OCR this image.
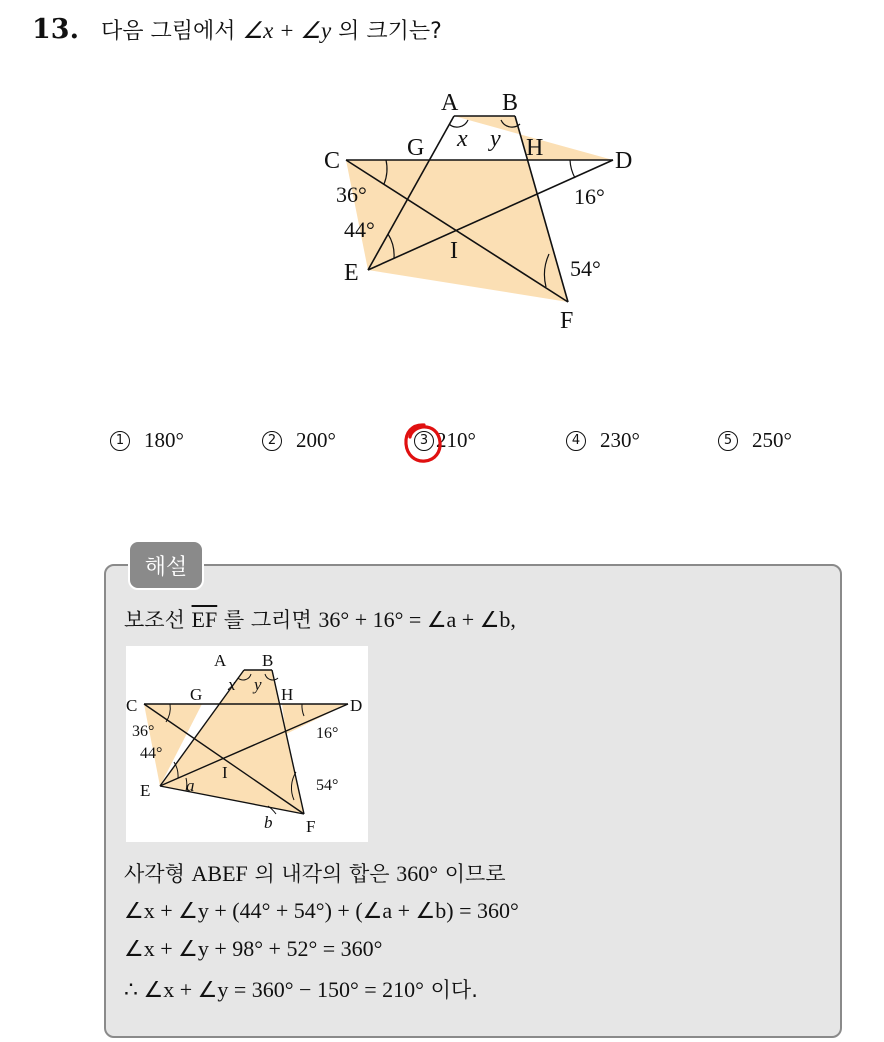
13. 다음 그림에서 ∠x + ∠y 의 크기는?
A B
C	D
E
F
G	H
I
x y
36°
44°
16°
54°
1 180°	2 200°	3 210°	4 230°	5 250°
해설
보조선 $\overline{EF}$ 를 그리면 36° + 16° = ∠a + ∠b,
A B
C	D
E
F
G	H
I
x y
a
b
36°
44°
16°
54°
사각형 ABEF 의 내각의 합은 360° 이므로
∠x + ∠y + (44° + 54°) + (∠a + ∠b) = 360°
∠x + ∠y + 98° + 52° = 360°
∴ ∠x + ∠y = 360° − 150° = 210° 이다.
